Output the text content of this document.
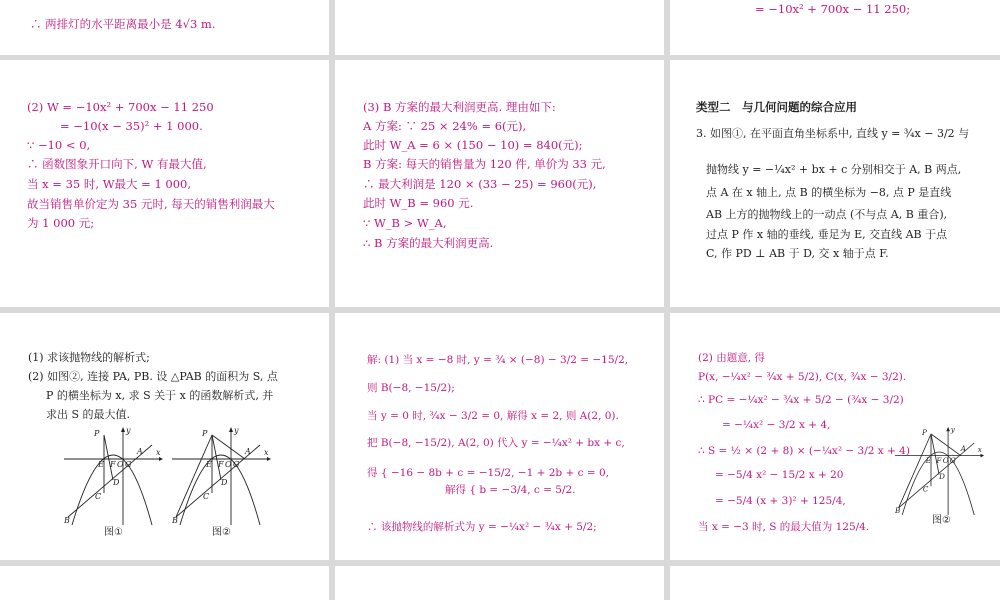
∴ 两排灯的水平距离最小是 4√3 m.
= −10x² + 700x − 11 250;
(2) W = −10x² + 700x − 11 250
= −10(x − 35)² + 1 000.
∵ −10 < 0,
∴ 函数图象开口向下, W 有最大值,
当 x = 35 时, W最大 = 1 000,
故当销售单价定为 35 元时, 每天的销售利润最大
为 1 000 元;
(3) B 方案的最大利润更高. 理由如下:
A 方案: ∵ 25 × 24% = 6(元),
此时 W_A = 6 × (150 − 10) = 840(元);
B 方案: 每天的销售量为 120 件, 单价为 33 元,
∴ 最大利润是 120 × (33 − 25) = 960(元),
此时 W_B = 960 元.
∵ W_B > W_A,
∴ B 方案的最大利润更高.
类型二　与几何问题的综合应用
3. 如图①, 在平面直角坐标系中, 直线 y = ¾x − 3/2 与
抛物线 y = −¼x² + bx + c 分别相交于 A, B 两点,
点 A 在 x 轴上, 点 B 的横坐标为 −8, 点 P 是直线
AB 上方的抛物线上的一动点 (不与点 A, B 重合),
过点 P 作 x 轴的垂线, 垂足为 E, 交直线 AB 于点
C, 作 PD ⊥ AB 于 D, 交 x 轴于点 F.
(1) 求该抛物线的解析式;
(2) 如图②, 连接 PA, PB. 设 △PAB 的面积为 S, 点
P 的横坐标为 x, 求 S 关于 x 的函数解析式, 并
求出 S 的最大值.
P
A
B
C
D
E F O G
x
y
图①
P
A
B
C
D
E F O G
x
y
图②
解: (1) 当 x = −8 时, y = ¾ × (−8) − 3/2 = −15/2,
则 B(−8, −15/2);
当 y = 0 时, ¾x − 3/2 = 0, 解得 x = 2, 则 A(2, 0).
把 B(−8, −15/2), A(2, 0) 代入 y = −¼x² + bx + c,
得 { −16 − 8b + c = −15/2, −1 + 2b + c = 0,
解得 { b = −3/4, c = 5/2.
∴ 该抛物线的解析式为 y = −¼x² − ¾x + 5/2;
(2) 由题意, 得
P(x, −¼x² − ¾x + 5/2), C(x, ¾x − 3/2).
∴ PC = −¼x² − ¾x + 5/2 − (¾x − 3/2)
= −¼x² − 3/2 x + 4,
∴ S = ½ × (2 + 8) × (−¼x² − 3/2 x + 4)
= −5/4 x² − 15/2 x + 20
= −5/4 (x + 3)² + 125/4,
当 x = −3 时, S 的最大值为 125/4.
P
A
B
C
D
E F O G
x
y
图②
